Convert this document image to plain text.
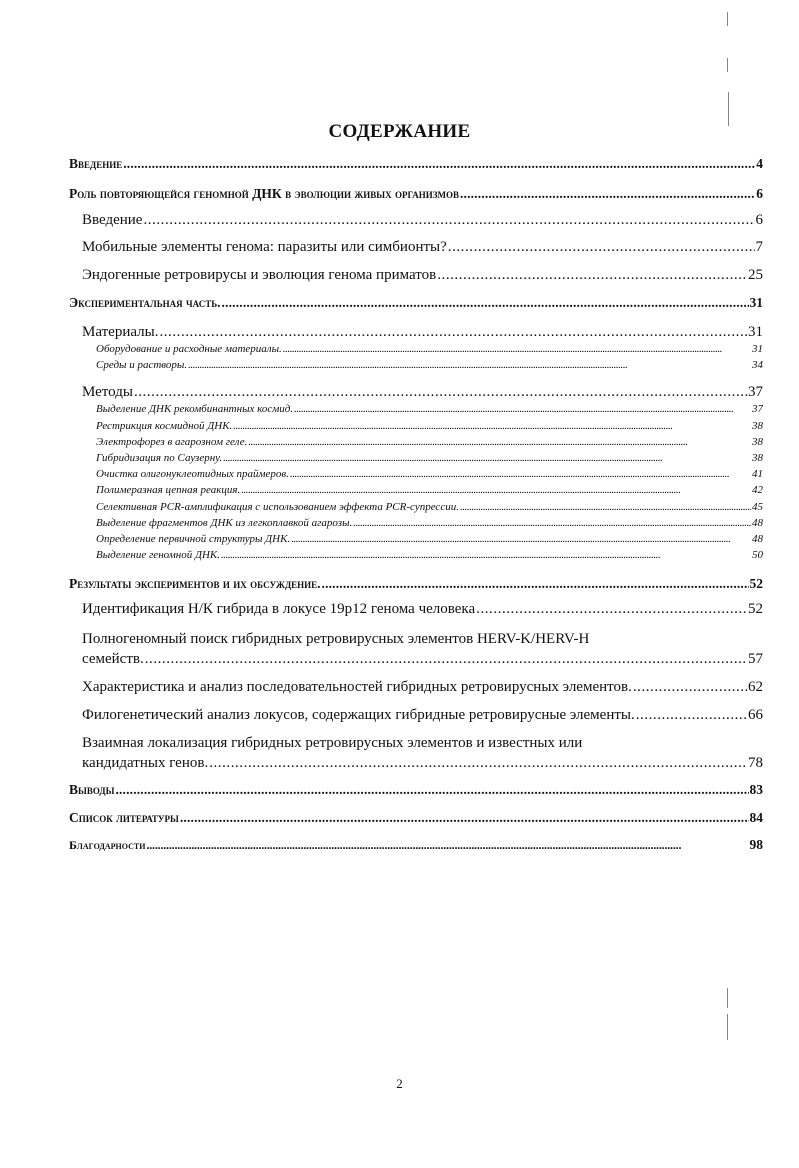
СОДЕРЖАНИЕ
Введение . . .	4
Роль повторяющейся геномной ДНК в эволюции живых организмов . . .	6
Введение . . .	6
Мобильные элементы генома: паразиты или симбионты? . . .	7
Эндогенные ретровирусы и эволюция генома приматов . . .	25
Экспериментальная часть. . . .	31
Материалы. . . .	31
Оборудование и расходные материалы. . . .	31
Среды и растворы. . . .	34
Методы . . .	37
Выделение ДНК рекомбинантных космид. . . .	37
Рестрикция космидной ДНК. . . .	38
Электрофорез в агарозном геле. . . .	38
Гибридизация по Саузерну. . . .	38
Очистка олигонуклеотидных праймеров. . . .	41
Полимеразная цепная реакция. . . .	42
Селективная PCR-амплификация с использованием эффекта PCR-супрессии. . . .	45
Выделение фрагментов ДНК из легкоплавкой агарозы. . . .	48
Определение первичной структуры ДНК. . . .	48
Выделение геномной ДНК. . . .	50
Результаты экспериментов и их обсуждение. . . .	52
Идентификация Н/К гибрида в локусе 19р12 генома человека . . .	52
Полногеномный поиск гибридных ретровирусных элементов HERV-K/HERV-H
семейств. . . .	57
Характеристика и анализ последовательностей гибридных ретровирусных элементов. . . .	62
Филогенетический анализ локусов, содержащих гибридные ретровирусные элементы. . . .	66
Взаимная локализация гибридных ретровирусных элементов и известных или
кандидатных генов. . . .	78
Выводы . . .	83
Список литературы . . .	84
Благодарности . . .	98
2
